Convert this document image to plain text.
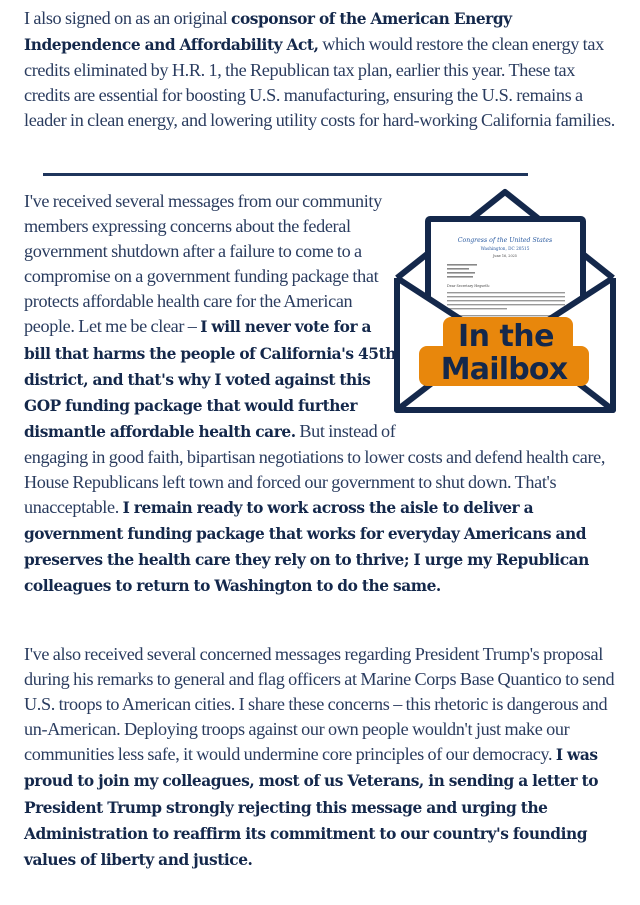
I also signed on as an original cosponsor of the American Energy Independence and Affordability Act, which would restore the clean energy tax credits eliminated by H.R. 1, the Republican tax plan, earlier this year. These tax credits are essential for boosting U.S. manufacturing, ensuring the U.S. remains a leader in clean energy, and lowering utility costs for hard-working California families.
I've received several messages from our community members expressing concerns about the federal government shutdown after a failure to come to a compromise on a government funding package that protects affordable health care for the American people. Let me be clear – I will never vote for a bill that harms the people of California's 45th district, and that's why I voted against this GOP funding package that would further dismantle affordable health care. But instead of engaging in good faith, bipartisan negotiations to lower costs and defend health care, House Republicans left town and forced our government to shut down. That's unacceptable. I remain ready to work across the aisle to deliver a government funding package that works for everyday Americans and preserves the health care they rely on to thrive; I urge my Republican colleagues to return to Washington to do the same.
I've also received several concerned messages regarding President Trump's proposal during his remarks to general and flag officers at Marine Corps Base Quantico to send U.S. troops to American cities. I share these concerns – this rhetoric is dangerous and un-American. Deploying troops against our own people wouldn't just make our communities less safe, it would undermine core principles of our democracy. I was proud to join my colleagues, most of us Veterans, in sending a letter to President Trump strongly rejecting this message and urging the Administration to reaffirm its commitment to our country's founding values of liberty and justice.
Congress of the United States
Washington, DC 20515
June 16, 2025
Dear Secretary Hegseth:
In the
Mailbox
